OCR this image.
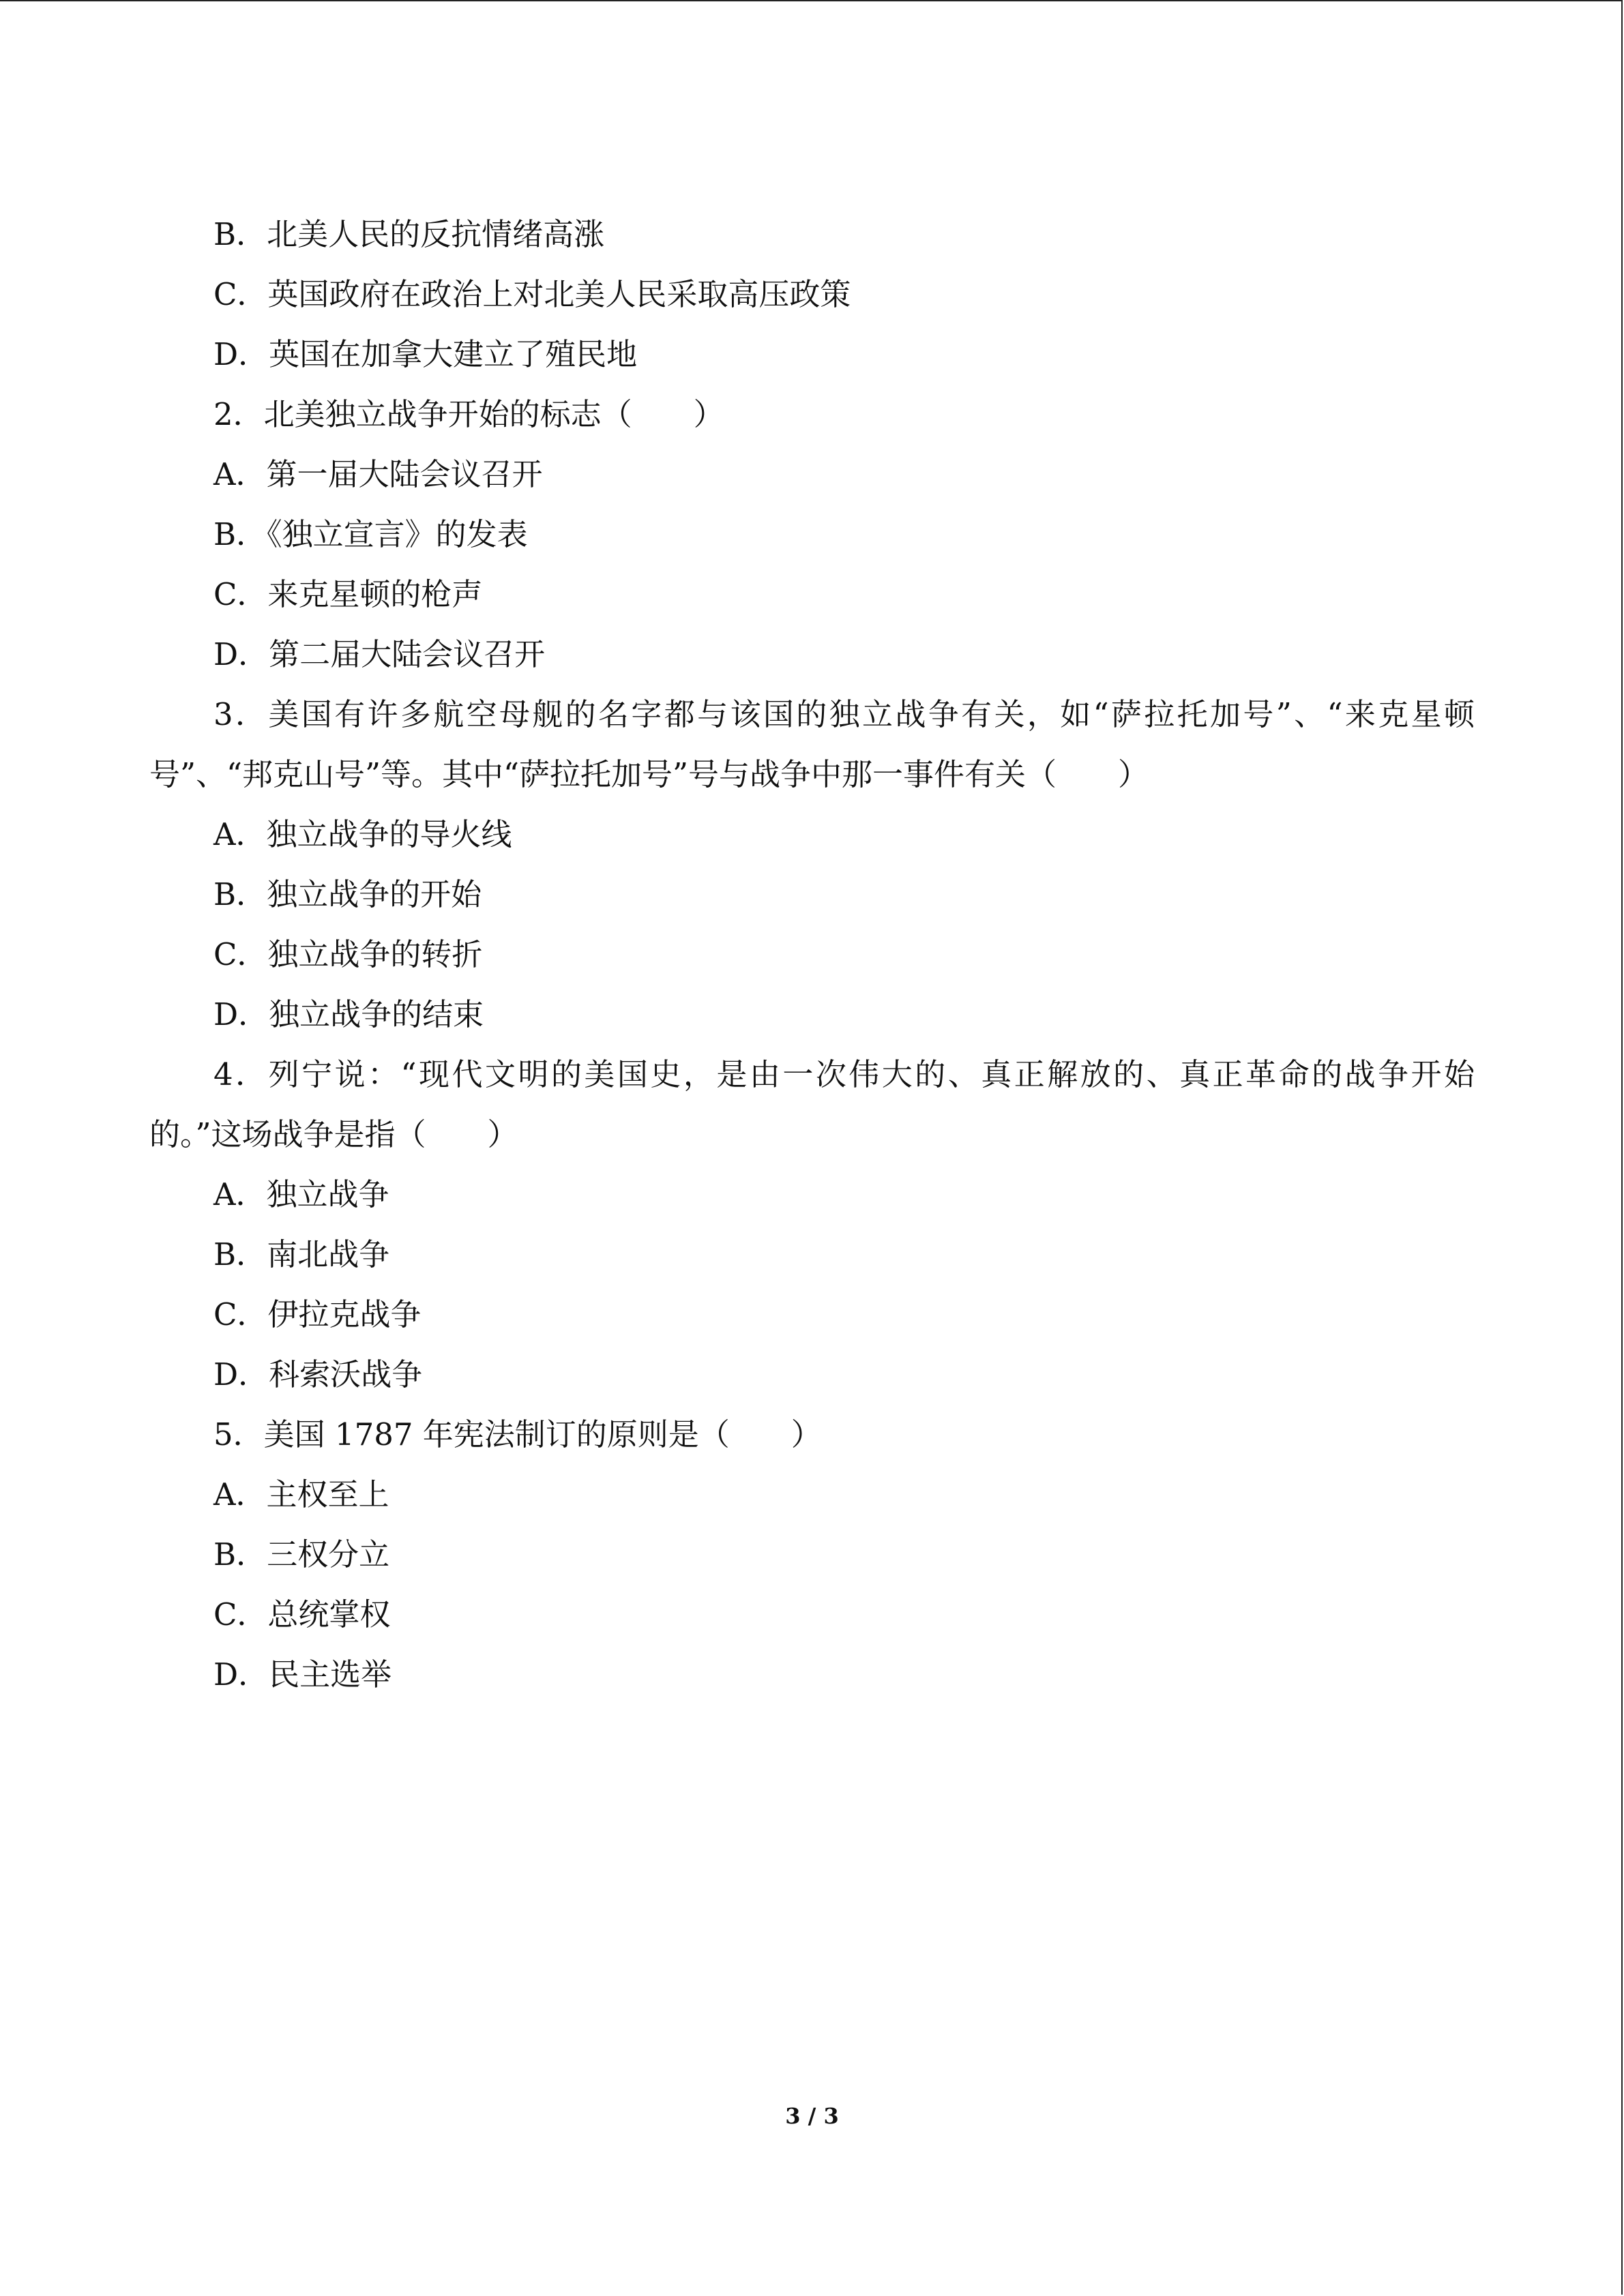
B．北美人民的反抗情绪高涨
C．英国政府在政治上对北美人民采取高压政策
D．英国在加拿大建立了殖民地
2．北美独立战争开始的标志（　　）
A．第一届大陆会议召开
B．《独立宣言》的发表
C．来克星顿的枪声
D．第二届大陆会议召开
3．美国有许多航空母舰的名字都与该国的独立战争有关，如“萨拉托加号”、“来克星顿号”、“邦克山号”等。其中“萨拉托加号”号与战争中那一事件有关（　　）
A．独立战争的导火线
B．独立战争的开始
C．独立战争的转折
D．独立战争的结束
4．列宁说：“现代文明的美国史，是由一次伟大的、真正解放的、真正革命的战争开始的。”这场战争是指（　　）
A．独立战争
B．南北战争
C．伊拉克战争
D．科索沃战争
5．美国 1787 年宪法制订的原则是（　　）
A．主权至上
B．三权分立
C．总统掌权
D．民主选举
3 / 3
